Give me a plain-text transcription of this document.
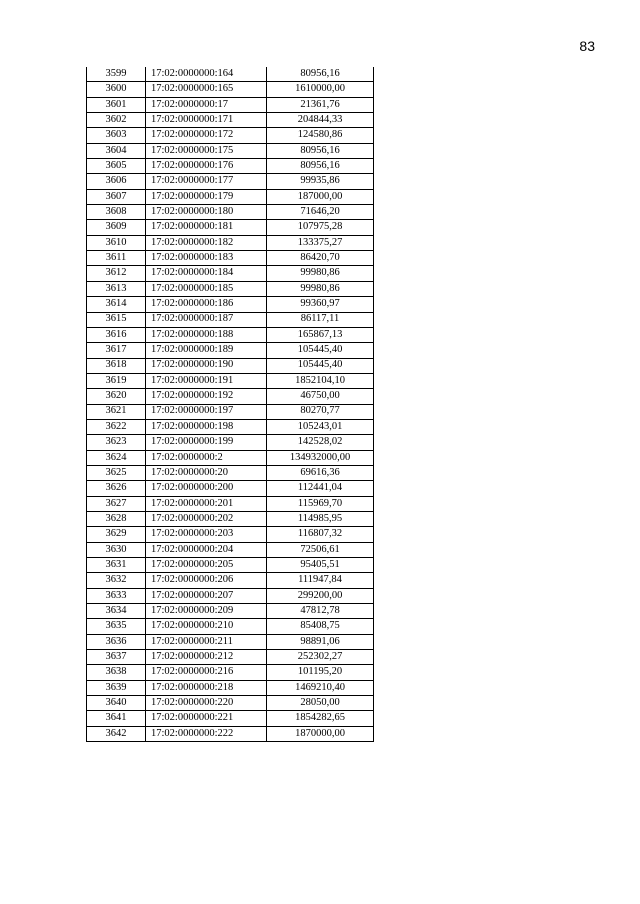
83
3599	17:02:0000000:164	80956,16
3600	17:02:0000000:165	1610000,00
3601	17:02:0000000:17	21361,76
3602	17:02:0000000:171	204844,33
3603	17:02:0000000:172	124580,86
3604	17:02:0000000:175	80956,16
3605	17:02:0000000:176	80956,16
3606	17:02:0000000:177	99935,86
3607	17:02:0000000:179	187000,00
3608	17:02:0000000:180	71646,20
3609	17:02:0000000:181	107975,28
3610	17:02:0000000:182	133375,27
3611	17:02:0000000:183	86420,70
3612	17:02:0000000:184	99980,86
3613	17:02:0000000:185	99980,86
3614	17:02:0000000:186	99360,97
3615	17:02:0000000:187	86117,11
3616	17:02:0000000:188	165867,13
3617	17:02:0000000:189	105445,40
3618	17:02:0000000:190	105445,40
3619	17:02:0000000:191	1852104,10
3620	17:02:0000000:192	46750,00
3621	17:02:0000000:197	80270,77
3622	17:02:0000000:198	105243,01
3623	17:02:0000000:199	142528,02
3624	17:02:0000000:2	134932000,00
3625	17:02:0000000:20	69616,36
3626	17:02:0000000:200	112441,04
3627	17:02:0000000:201	115969,70
3628	17:02:0000000:202	114985,95
3629	17:02:0000000:203	116807,32
3630	17:02:0000000:204	72506,61
3631	17:02:0000000:205	95405,51
3632	17:02:0000000:206	111947,84
3633	17:02:0000000:207	299200,00
3634	17:02:0000000:209	47812,78
3635	17:02:0000000:210	85408,75
3636	17:02:0000000:211	98891,06
3637	17:02:0000000:212	252302,27
3638	17:02:0000000:216	101195,20
3639	17:02:0000000:218	1469210,40
3640	17:02:0000000:220	28050,00
3641	17:02:0000000:221	1854282,65
3642	17:02:0000000:222	1870000,00
